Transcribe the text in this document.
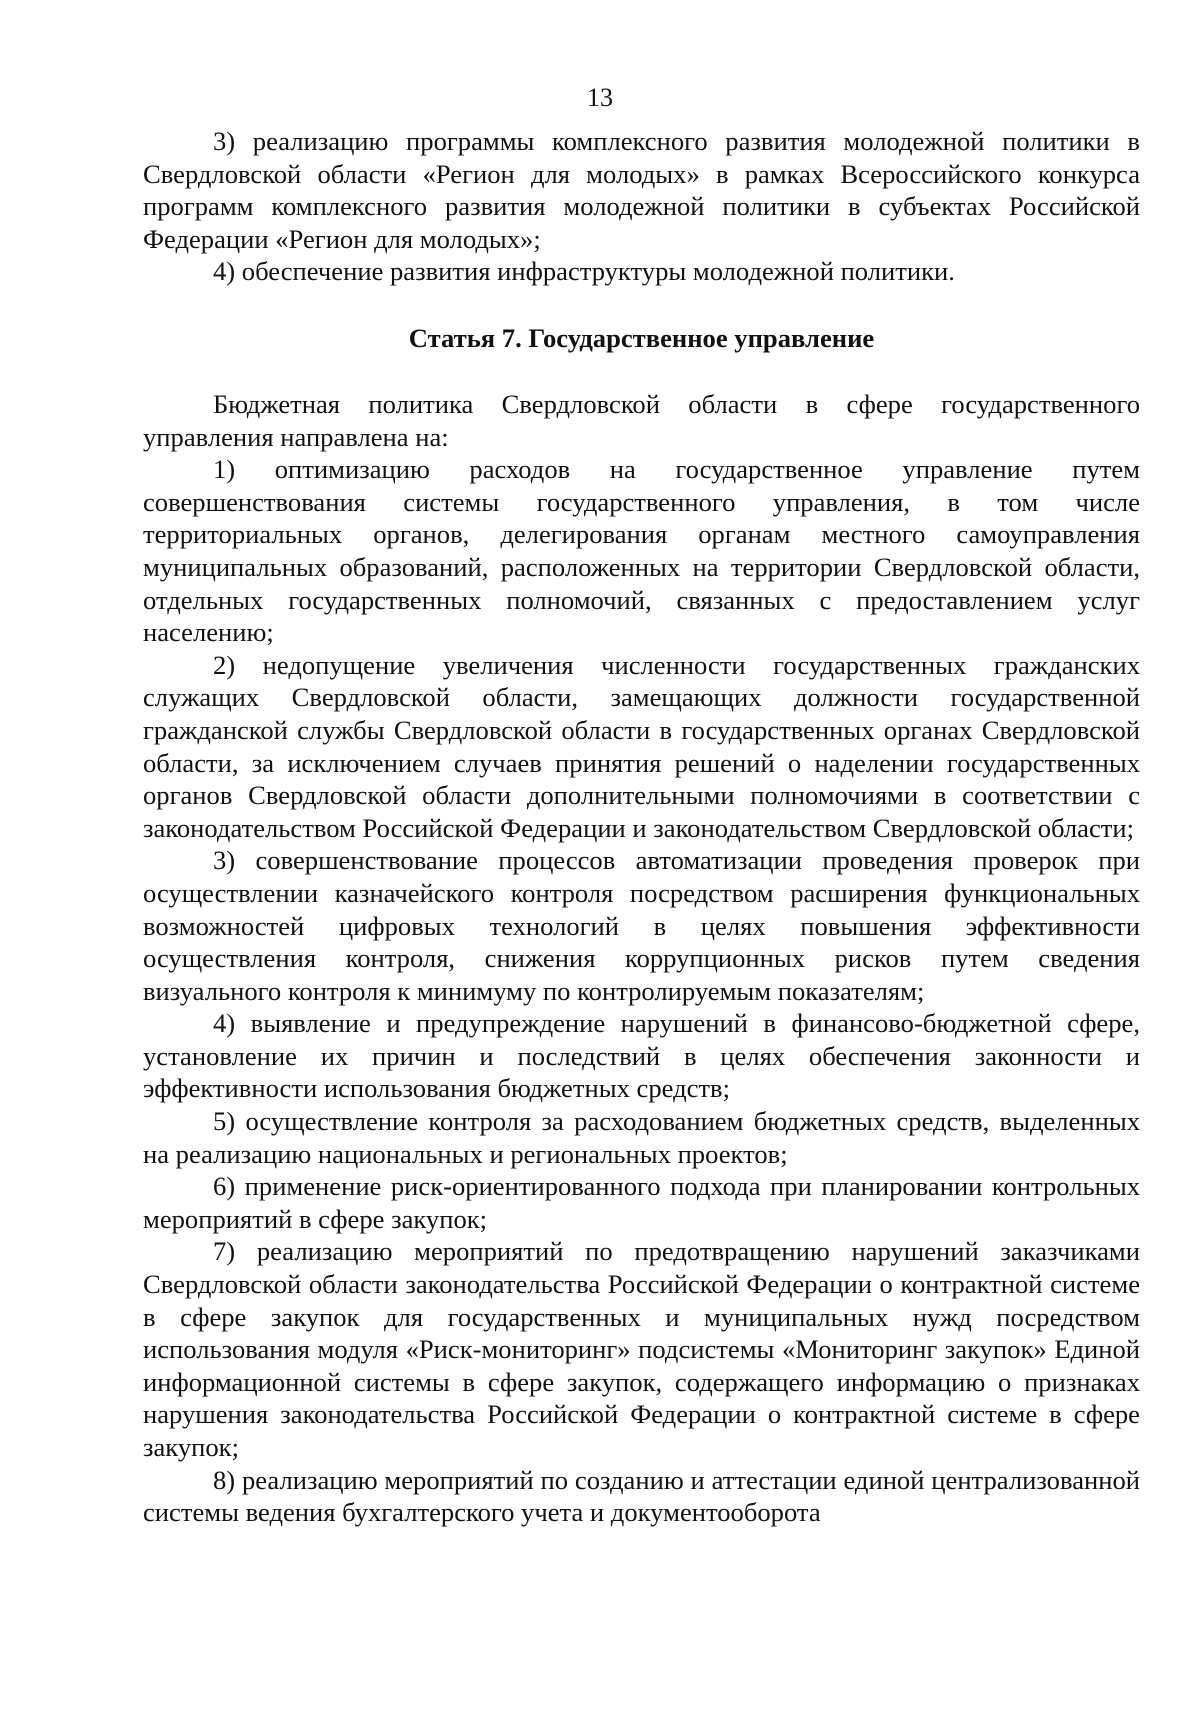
13

3) реализацию программы комплексного развития молодежной политики в Свердловской области «Регион для молодых» в рамках Всероссийского конкурса программ комплексного развития молодежной политики в субъектах Российской Федерации «Регион для молодых»;

4) обеспечение развития инфраструктуры молодежной политики.

Статья 7. Государственное управление

Бюджетная политика Свердловской области в сфере государственного управления направлена на:

1) оптимизацию расходов на государственное управление путем совершенствования системы государственного управления, в том числе территориальных органов, делегирования органам местного самоуправления муниципальных образований, расположенных на территории Свердловской области, отдельных государственных полномочий, связанных с предоставлением услуг населению;

2) недопущение увеличения численности государственных гражданских служащих Свердловской области, замещающих должности государственной гражданской службы Свердловской области в государственных органах Свердловской области, за исключением случаев принятия решений о наделении государственных органов Свердловской области дополнительными полномочиями в соответствии с законодательством Российской Федерации и законодательством Свердловской области;

3) совершенствование процессов автоматизации проведения проверок при осуществлении казначейского контроля посредством расширения функциональных возможностей цифровых технологий в целях повышения эффективности осуществления контроля, снижения коррупционных рисков путем сведения визуального контроля к минимуму по контролируемым показателям;

4) выявление и предупреждение нарушений в финансово-бюджетной сфере, установление их причин и последствий в целях обеспечения законности и эффективности использования бюджетных средств;

5) осуществление контроля за расходованием бюджетных средств, выделенных на реализацию национальных и региональных проектов;

6) применение риск-ориентированного подхода при планировании контрольных мероприятий в сфере закупок;

7) реализацию мероприятий по предотвращению нарушений заказчиками Свердловской области законодательства Российской Федерации о контрактной системе в сфере закупок для государственных и муниципальных нужд посредством использования модуля «Риск-мониторинг» подсистемы «Мониторинг закупок» Единой информационной системы в сфере закупок, содержащего информацию о признаках нарушения законодательства Российской Федерации о контрактной системе в сфере закупок;

8) реализацию мероприятий по созданию и аттестации единой централизованной системы ведения бухгалтерского учета и документооборота
